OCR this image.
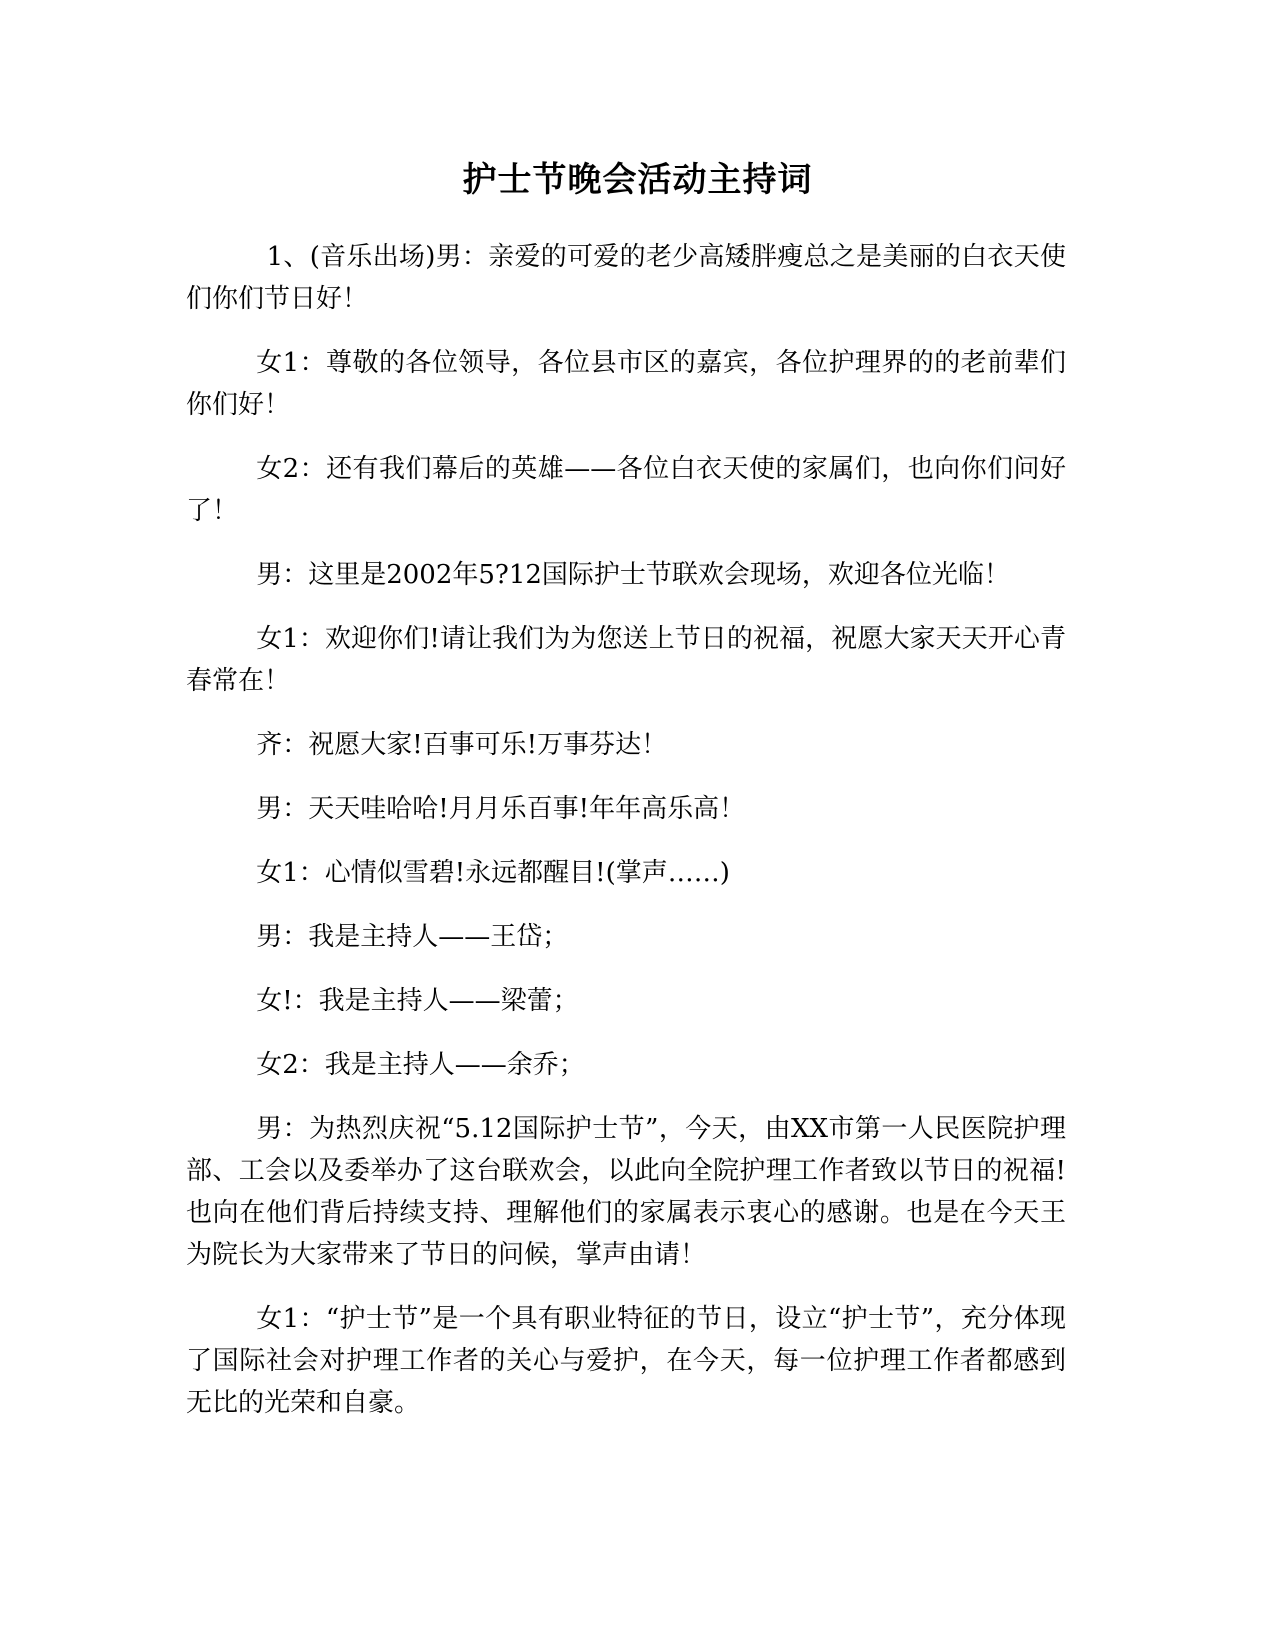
护士节晚会活动主持词

1、(音乐出场)男：亲爱的可爱的老少高矮胖瘦总之是美丽的白衣天使们你们节日好！

女1：尊敬的各位领导，各位县市区的嘉宾，各位护理界的的老前辈们你们好！

女2：还有我们幕后的英雄——各位白衣天使的家属们，也向你们问好了！

男：这里是2002年5?12国际护士节联欢会现场，欢迎各位光临！

女1：欢迎你们!请让我们为为您送上节日的祝福，祝愿大家天天开心青春常在！

齐：祝愿大家!百事可乐!万事芬达！

男：天天哇哈哈!月月乐百事!年年高乐高！

女1：心情似雪碧!永远都醒目!(掌声……)

男：我是主持人——王岱；

女!：我是主持人——梁蕾；

女2：我是主持人——余乔；

男：为热烈庆祝“5.12国际护士节”，今天，由XX市第一人民医院护理部、工会以及委举办了这台联欢会，以此向全院护理工作者致以节日的祝福!也向在他们背后持续支持、理解他们的家属表示衷心的感谢。也是在今天王为院长为大家带来了节日的问候，掌声由请！

女1：“护士节”是一个具有职业特征的节日，设立“护士节”，充分体现了国际社会对护理工作者的关心与爱护，在今天，每一位护理工作者都感到无比的光荣和自豪。
